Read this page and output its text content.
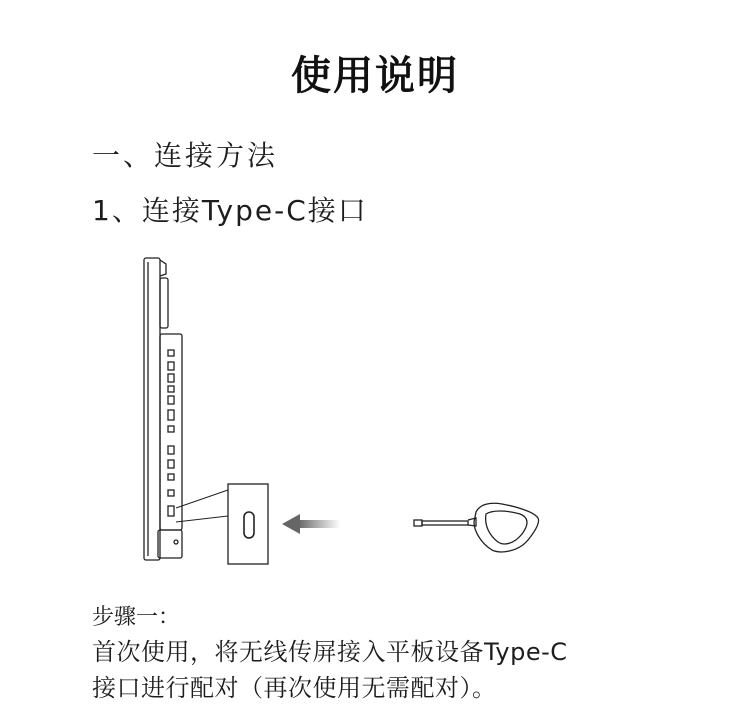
使用说明
一、连接方法
1、连接Type-C接口
步骤一：
首次使用，将无线传屏接入平板设备Type-C
接口进行配对（再次使用无需配对）。
